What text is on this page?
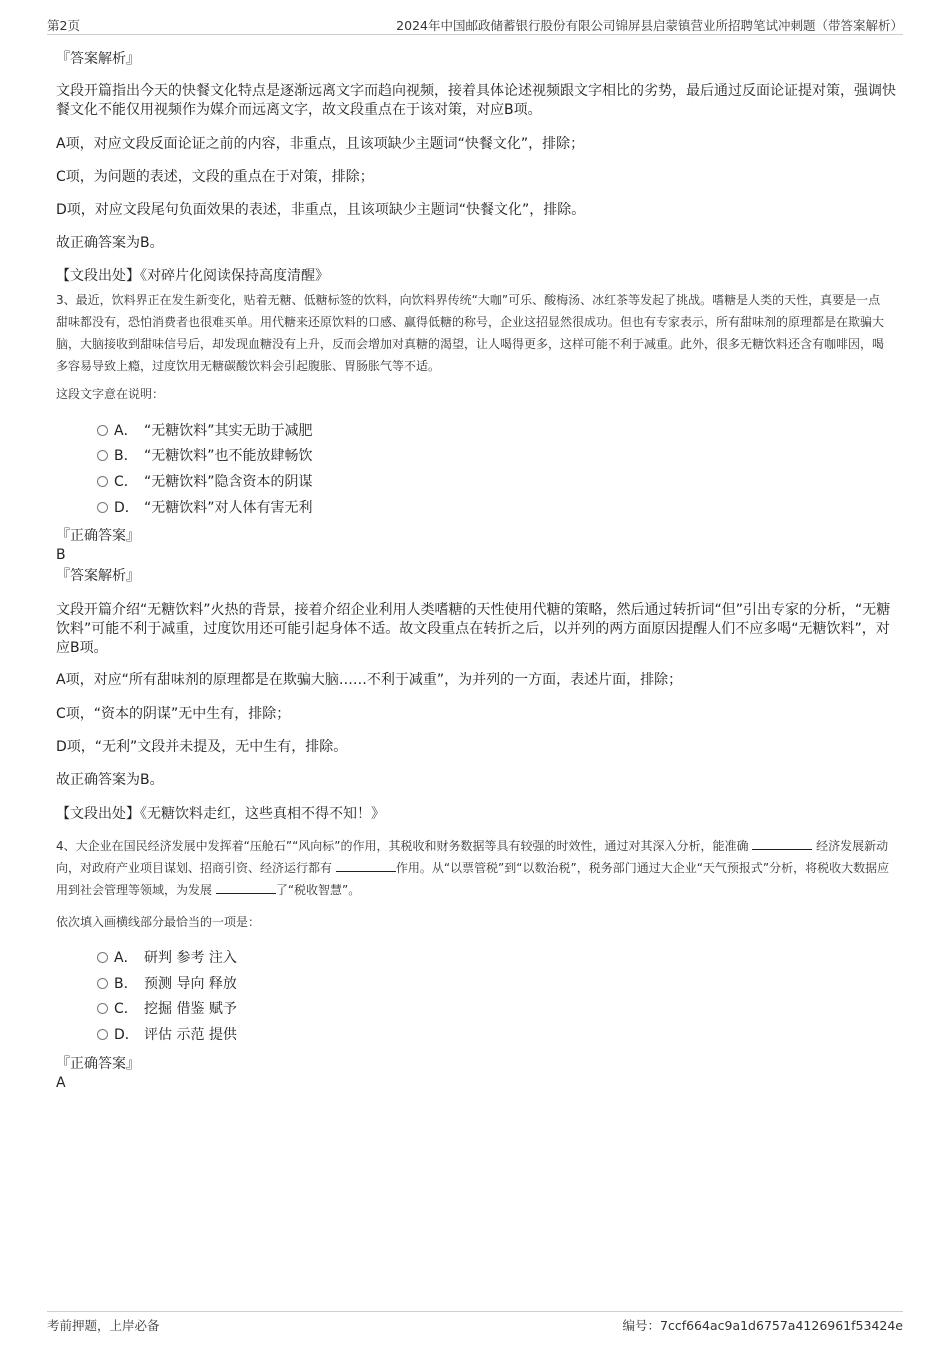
第2页	2024年中国邮政储蓄银行股份有限公司锦屏县启蒙镇营业所招聘笔试冲刺题（带答案解析）
『答案解析』
文段开篇指出今天的快餐文化特点是逐渐远离文字而趋向视频，接着具体论述视频跟文字相比的劣势，最后通过反面论证提对策，强调快餐文化不能仅用视频作为媒介而远离文字，故文段重点在于该对策，对应B项。
A项，对应文段反面论证之前的内容，非重点，且该项缺少主题词“快餐文化”，排除；
C项，为问题的表述，文段的重点在于对策，排除；
D项，对应文段尾句负面效果的表述，非重点，且该项缺少主题词“快餐文化”，排除。
故正确答案为B。
【文段出处】《对碎片化阅读保持高度清醒》
3、最近，饮料界正在发生新变化，贴着无糖、低糖标签的饮料，向饮料界传统“大咖”可乐、酸梅汤、冰红茶等发起了挑战。嗜糖是人类的天性，真要是一点甜味都没有，恐怕消费者也很难买单。用代糖来还原饮料的口感、赢得低糖的称号，企业这招显然很成功。但也有专家表示，所有甜味剂的原理都是在欺骗大脑，大脑接收到甜味信号后，却发现血糖没有上升，反而会增加对真糖的渴望，让人喝得更多，这样可能不利于减重。此外，很多无糖饮料还含有咖啡因，喝多容易导致上瘾，过度饮用无糖碳酸饮料会引起腹胀、胃肠胀气等不适。
这段文字意在说明：
A． “无糖饮料”其实无助于减肥
B． “无糖饮料”也不能放肆畅饮
C． “无糖饮料”隐含资本的阴谋
D． “无糖饮料”对人体有害无利
『正确答案』
B
『答案解析』
文段开篇介绍“无糖饮料”火热的背景，接着介绍企业利用人类嗜糖的天性使用代糖的策略，然后通过转折词“但”引出专家的分析，“无糖饮料”可能不利于减重，过度饮用还可能引起身体不适。故文段重点在转折之后，以并列的两方面原因提醒人们不应多喝“无糖饮料”，对应B项。
A项，对应“所有甜味剂的原理都是在欺骗大脑……不利于减重”，为并列的一方面，表述片面，排除；
C项，“资本的阴谋”无中生有，排除；
D项，“无利”文段并未提及，无中生有，排除。
故正确答案为B。
【文段出处】《无糖饮料走红，这些真相不得不知！》
4、大企业在国民经济发展中发挥着“压舱石”“风向标”的作用，其税收和财务数据等具有较强的时效性，通过对其深入分析，能准确	经济发展新动向，对政府产业项目谋划、招商引资、经济运行都有	作用。从“以票管税”到“以数治税”，税务部门通过大企业“天气预报式”分析，将税收大数据应用到社会管理等领域，为发展	了“税收智慧”。
依次填入画横线部分最恰当的一项是：
A． 研判 参考 注入
B． 预测 导向 释放
C． 挖掘 借鉴 赋予
D． 评估 示范 提供
『正确答案』
A
考前押题，上岸必备	编号：7ccf664ac9a1d6757a4126961f53424e
